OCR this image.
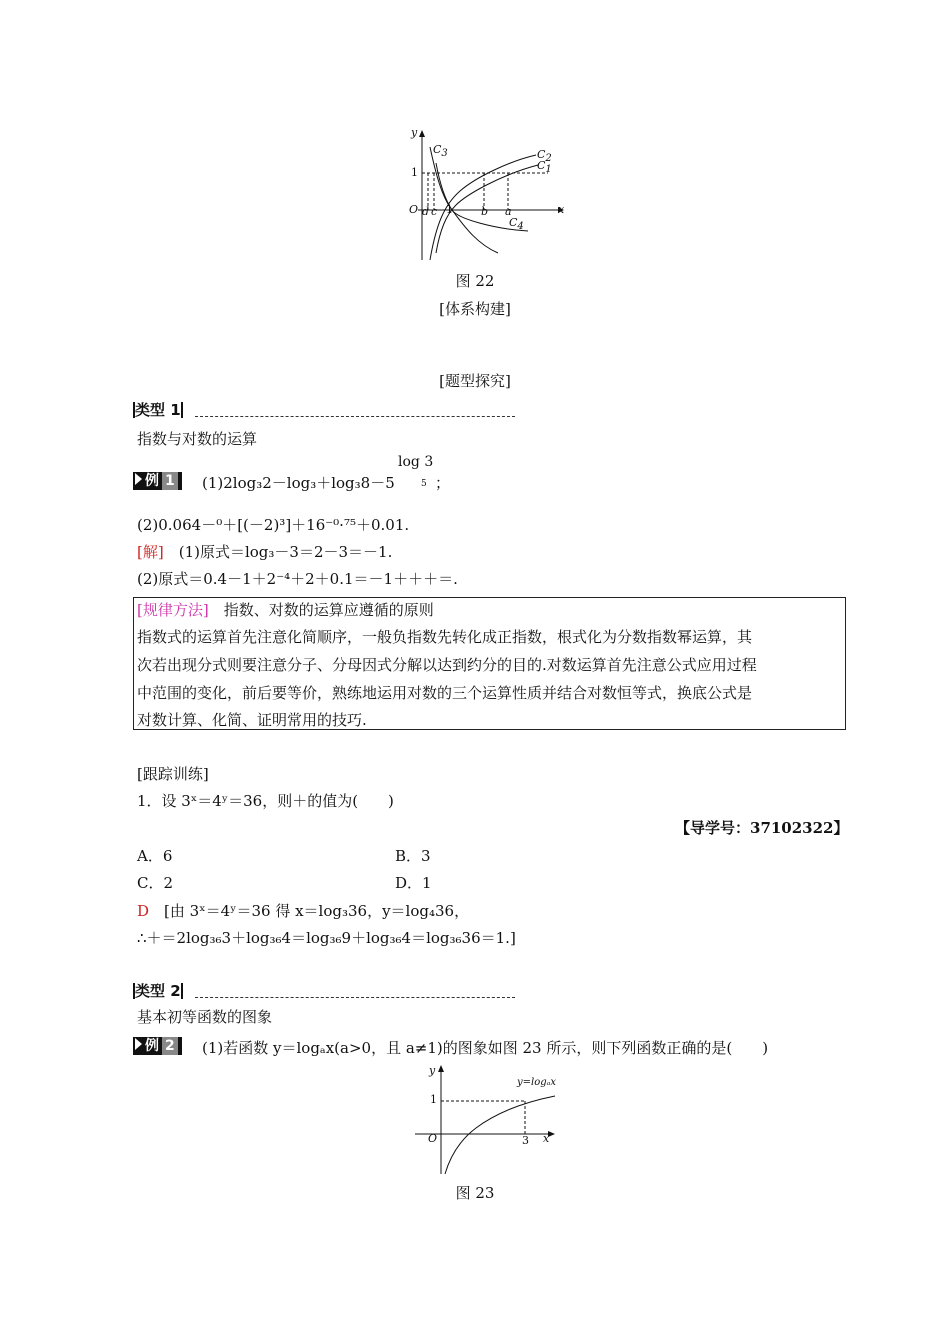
y
x
O
1
1
d c	b a
$C_3$	$C_2$
$C_1$
$C_4$
图 22
[体系构建]
[题型探究]
类型 1
指数与对数的运算
例 1	(1)2log₃2－log₃＋log₃8－5
log 3
5 ；
(2)0.064－⁰＋[(－2)³]＋16⁻⁰·⁷⁵＋0.01.
[解]　 (1)原式＝log₃－3＝2－3＝－1.
(2)原式＝0.4－1＋2⁻⁴＋2＋0.1＝－1＋＋＋＝.
[规律方法]　 指数、对数的运算应遵循的原则
指数式的运算首先注意化简顺序，一般负指数先转化成正指数，根式化为分数指数幂运算，其
次若出现分式则要注意分子、分母因式分解以达到约分的目的.对数运算首先注意公式应用过程
中范围的变化，前后要等价，熟练地运用对数的三个运算性质并结合对数恒等式，换底公式是
对数计算、化简、证明常用的技巧.
[跟踪训练]
1．设 3ˣ＝4ʸ＝36，则＋的值为(　　)
【导学号：37102322】
A．6	B．3
C．2	D．1
D　 [由 3ˣ＝4ʸ＝36 得 x＝log₃36，y＝log₄36，
∴＋＝2log₃₆3＋log₃₆4＝log₃₆9＋log₃₆4＝log₃₆36＝1.]
类型 2
基本初等函数的图象
例 2	(1)若函数 y＝logₐx(a>0，且 a≠1)的图象如图 23 所示，则下列函数正确的是(　　)
y
x
O
1
3
y=logₐx
图 23
